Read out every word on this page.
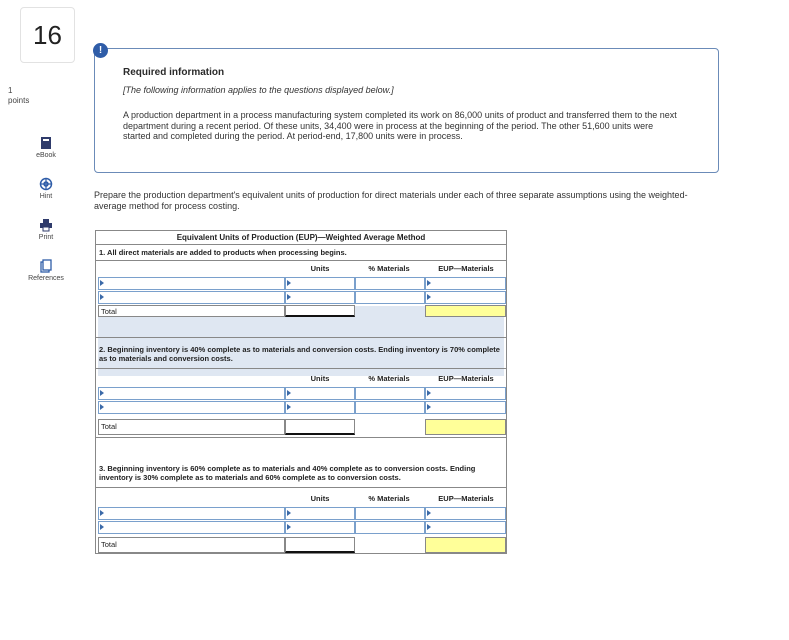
16
1
points
eBook
Hint
Print
References
!
Required information
[The following information applies to the questions displayed below.]
A production department in a process manufacturing system completed its work on 86,000 units of product and transferred them to the next department during a recent period. Of these units, 34,400 were in process at the beginning of the period. The other 51,600 units were started and completed during the period. At period-end, 17,800 units were in process.
Prepare the production department's equivalent units of production for direct materials under each of three separate assumptions using the weighted-average method for process costing.
Equivalent Units of Production (EUP)—Weighted Average Method
1. All direct materials are added to products when processing begins.
Units	% Materials	EUP—Materials
Total
2. Beginning inventory is 40% complete as to materials and conversion costs. Ending inventory is 70% complete as to materials and conversion costs.
Units	% Materials	EUP—Materials
Total
3. Beginning inventory is 60% complete as to materials and 40% complete as to conversion costs. Ending inventory is 30% complete as to materials and 60% complete as to conversion costs.
Units	% Materials	EUP—Materials
Total
